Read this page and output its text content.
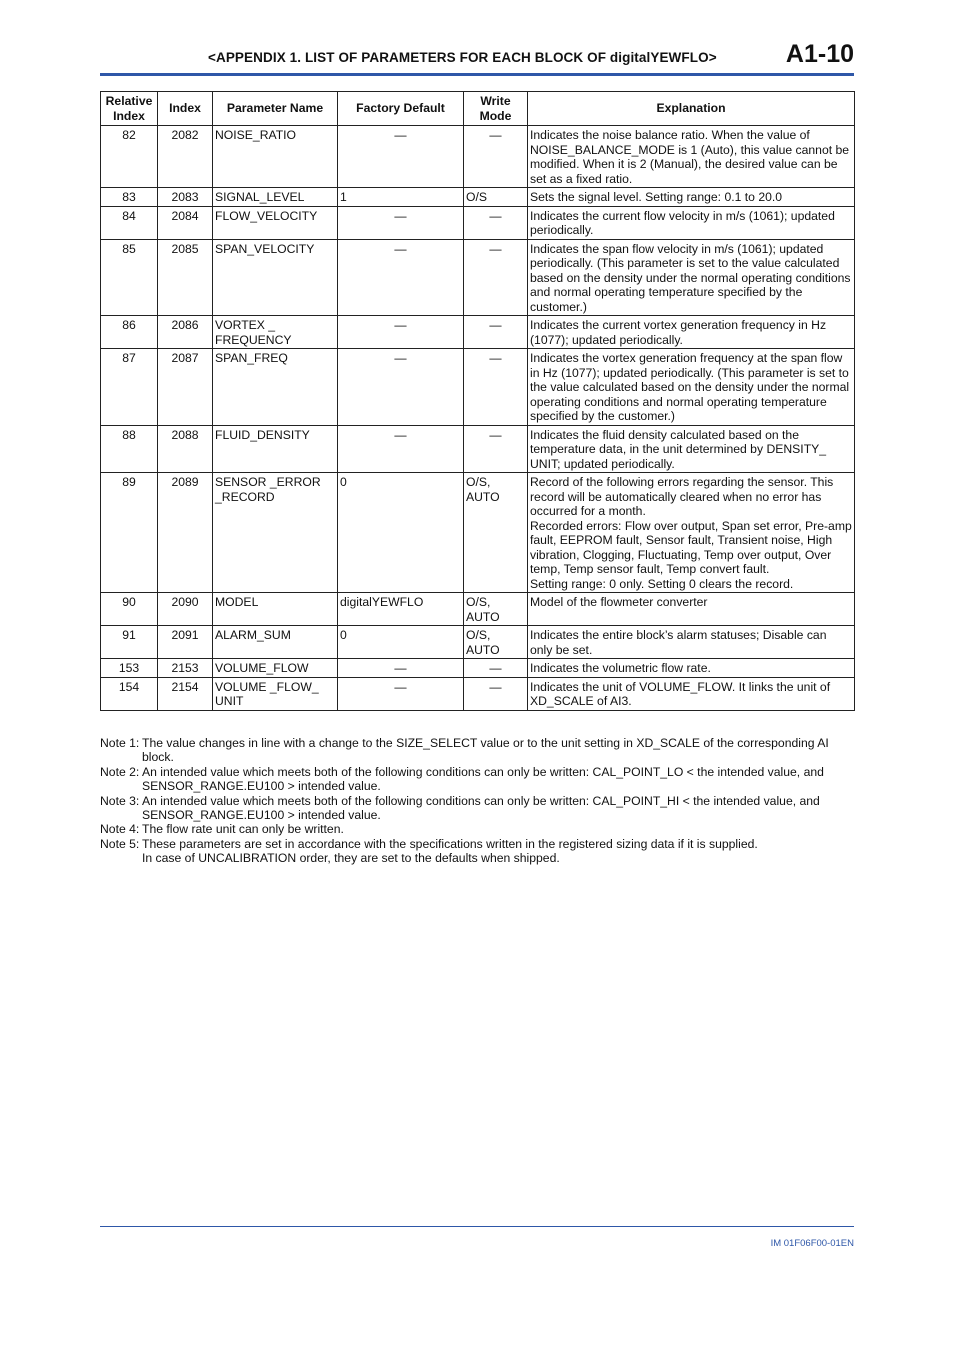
<APPENDIX 1. LIST OF PARAMETERS FOR EACH BLOCK OF digitalYEWFLO>	A1-10
Relative Index	Index	Parameter Name	Factory Default	Write Mode	Explanation
82	2082	NOISE_RATIO	—	—	Indicates the noise balance ratio. When the value of NOISE_BALANCE_MODE is 1 (Auto), this value cannot be modified. When it is 2 (Manual), the desired value can be set as a fixed ratio.
83	2083	SIGNAL_LEVEL	1	O/S	Sets the signal level. Setting range: 0.1 to 20.0
84	2084	FLOW_VELOCITY	—	—	Indicates the current flow velocity in m/s (1061); updated periodically.
85	2085	SPAN_VELOCITY	—	—	Indicates the span flow velocity in m/s (1061); updated periodically. (This parameter is set to the value calculated based on the density under the normal operating conditions and normal operating temperature specified by the customer.)
86	2086	VORTEX _ FREQUENCY	—	—	Indicates the current vortex generation frequency in Hz (1077); updated periodically.
87	2087	SPAN_FREQ	—	—	Indicates the vortex generation frequency at the span flow in Hz (1077); updated periodically. (This parameter is set to the value calculated based on the density under the normal operating conditions and normal operating temperature specified by the customer.)
88	2088	FLUID_DENSITY	—	—	Indicates the fluid density calculated based on the temperature data, in the unit determined by DENSITY_ UNIT; updated periodically.
89	2089	SENSOR _ERROR _RECORD	0	O/S, AUTO	Record of the following errors regarding the sensor. This record will be automatically cleared when no error has occurred for a month.
Recorded errors: Flow over output, Span set error, Pre-amp fault, EEPROM fault, Sensor fault, Transient noise, High vibration, Clogging, Fluctuating, Temp over output, Over temp, Temp sensor fault, Temp convert fault.
Setting range: 0 only. Setting 0 clears the record.
90	2090	MODEL	digitalYEWFLO	O/S, AUTO	Model of the flowmeter converter
91	2091	ALARM_SUM	0	O/S, AUTO	Indicates the entire block’s alarm statuses; Disable can only be set.
153	2153	VOLUME_FLOW	—	—	Indicates the volumetric flow rate.
154	2154	VOLUME _FLOW_ UNIT	—	—	Indicates the unit of VOLUME_FLOW. It links the unit of XD_SCALE of AI3.
Note 1: The value changes in line with a change to the SIZE_SELECT value or to the unit setting in XD_SCALE of the corresponding AI block.
Note 2: An intended value which meets both of the following conditions can only be written: CAL_POINT_LO < the intended value, and SENSOR_RANGE.EU100 > intended value.
Note 3: An intended value which meets both of the following conditions can only be written: CAL_POINT_HI < the intended value, and SENSOR_RANGE.EU100 > intended value.
Note 4: The flow rate unit can only be written.
Note 5: These parameters are set in accordance with the specifications written in the registered sizing data if it is supplied.
In case of UNCALIBRATION order, they are set to the defaults when shipped.
IM 01F06F00-01EN
